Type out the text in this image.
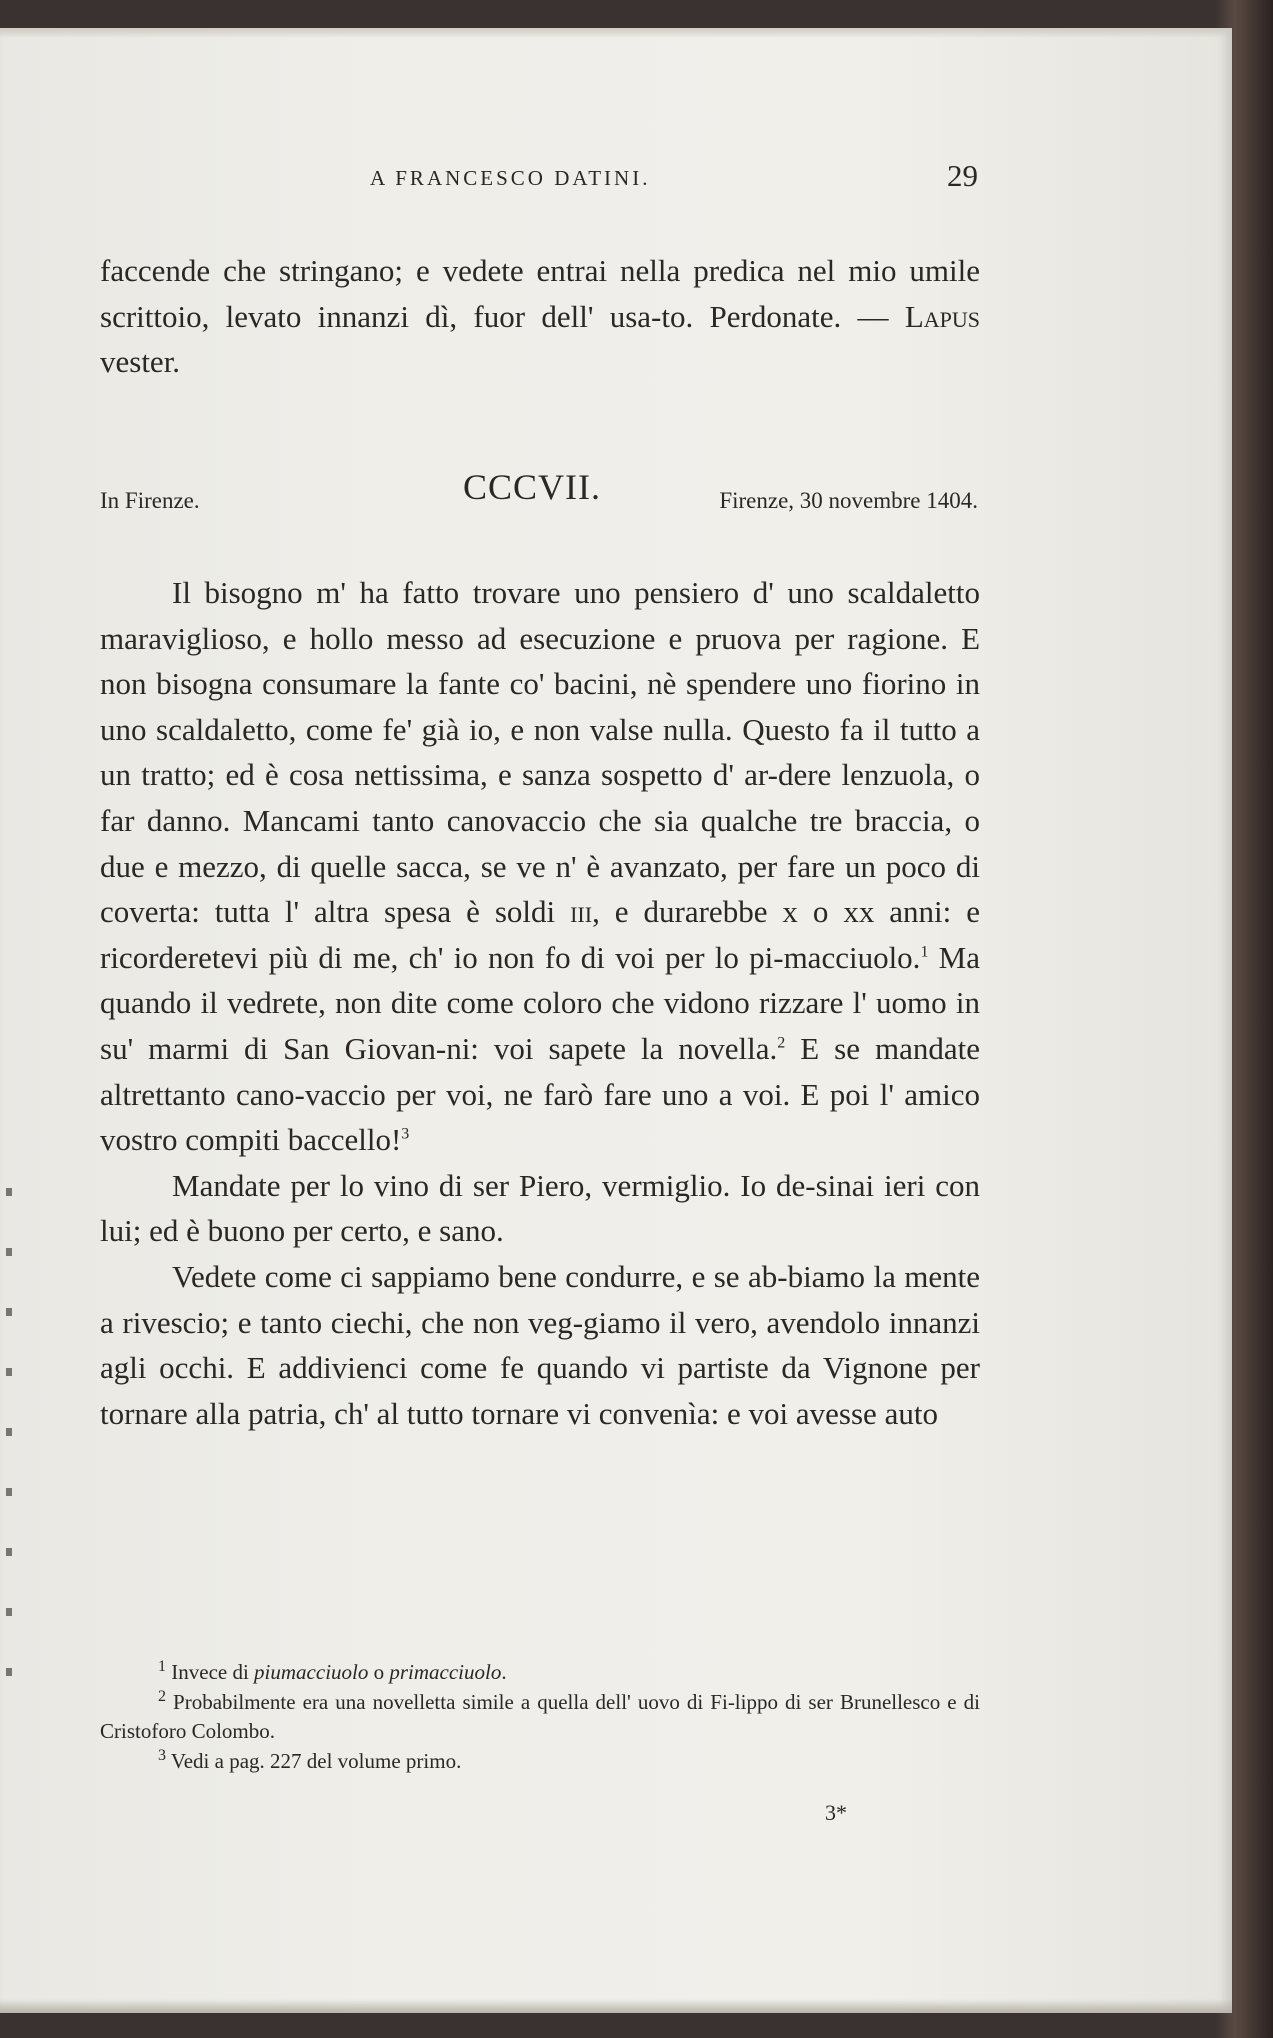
A FRANCESCO DATINI.	29

faccende che stringano; e vedete entrai nella predica nel mio umile scrittoio, levato innanzi dì, fuor dell' usa-to. Perdonate. — Lapus vester.

In Firenze.	CCCVII.	Firenze, 30 novembre 1404.

Il bisogno m' ha fatto trovare uno pensiero d' uno scaldaletto maraviglioso, e hollo messo ad esecuzione e pruova per ragione. E non bisogna consumare la fante co' bacini, nè spendere uno fiorino in uno scaldaletto, come fe' già io, e non valse nulla. Questo fa il tutto a un tratto; ed è cosa nettissima, e sanza sospetto d' ar-dere lenzuola, o far danno. Mancami tanto canovaccio che sia qualche tre braccia, o due e mezzo, di quelle sacca, se ve n' è avanzato, per fare un poco di coverta: tutta l' altra spesa è soldi iii, e durarebbe x o xx anni: e ricorderetevi più di me, ch' io non fo di voi per lo pi-macciuolo.$^1$ Ma quando il vedrete, non dite come coloro che vidono rizzare l' uomo in su' marmi di San Giovan-ni: voi sapete la novella.$^2$ E se mandate altrettanto cano-vaccio per voi, ne farò fare uno a voi. E poi l' amico vostro compiti baccello!$^3$

Mandate per lo vino di ser Piero, vermiglio. Io de-sinai ieri con lui; ed è buono per certo, e sano.

Vedete come ci sappiamo bene condurre, e se ab-biamo la mente a rivescio; e tanto ciechi, che non veg-giamo il vero, avendolo innanzi agli occhi. E addivienci come fe quando vi partiste da Vignone per tornare alla patria, ch' al tutto tornare vi convenìa: e voi avesse auto

$^1$ Invece di piumacciuolo o primacciuolo.

$^2$ Probabilmente era una novelletta simile a quella dell' uovo di Fi-lippo di ser Brunellesco e di Cristoforo Colombo.

$^3$ Vedi a pag. 227 del volume primo.

3*
